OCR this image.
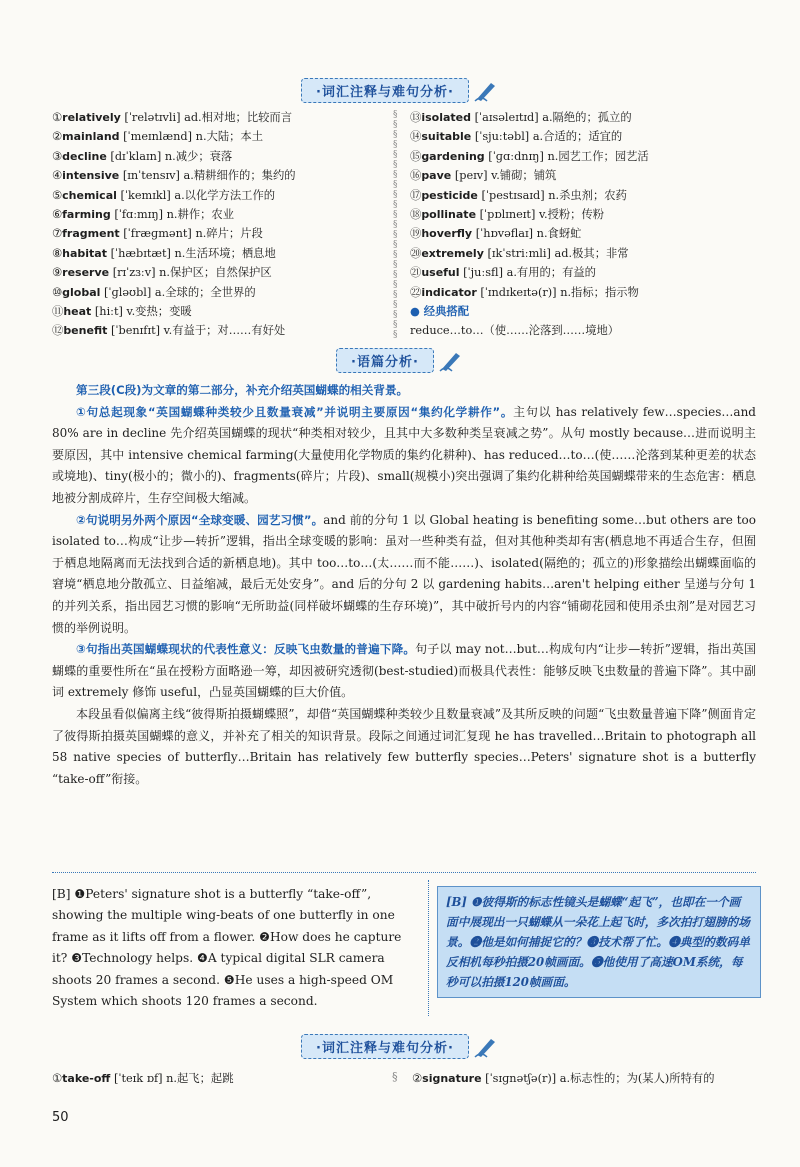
·词汇注释与难句分析·
①relatively [ˈrelətɪvli] ad.相对地；比较而言
②mainland [ˈmeɪnlænd] n.大陆；本土
③decline [dɪˈklaɪn] n.减少；衰落
④intensive [ɪnˈtensɪv] a.精耕细作的；集约的
⑤chemical [ˈkemɪkl] a.以化学方法工作的
⑥farming [ˈfɑːmɪŋ] n.耕作；农业
⑦fragment [ˈfræɡmənt] n.碎片；片段
⑧habitat [ˈhæbɪtæt] n.生活环境；栖息地
⑨reserve [rɪˈzɜːv] n.保护区；自然保护区
⑩global [ˈɡləʊbl] a.全球的；全世界的
⑪heat [hiːt] v.变热；变暖
⑫benefit [ˈbenɪfɪt] v.有益于；对……有好处
§
§
§
§
§
§
§
§
§
§
§
§
§
§
§
§
§
§
§
§
§
§
§
⑬isolated [ˈaɪsəleɪtɪd] a.隔绝的；孤立的
⑭suitable [ˈsjuːtəbl] a.合适的；适宜的
⑮gardening [ˈɡɑːdnɪŋ] n.园艺工作；园艺活
⑯pave [peɪv] v.铺砌；铺筑
⑰pesticide [ˈpestɪsaɪd] n.杀虫剂；农药
⑱pollinate [ˈpɒlɪneɪt] v.授粉；传粉
⑲hoverfly [ˈhɒvəflaɪ] n.食蚜虻
⑳extremely [ɪkˈstriːmli] ad.极其；非常
㉑useful [ˈjuːsfl] a.有用的；有益的
㉒indicator [ˈɪndɪkeɪtə(r)] n.指标；指示物
● 经典搭配
reduce…to…（使……沦落到……境地）
·语篇分析·

第三段(C段)为文章的第二部分，补充介绍英国蝴蝶的相关背景。

①句总起现象“英国蝴蝶种类较少且数量衰减”并说明主要原因“集约化学耕作”。主句以 has relatively few…species…and 80% are in decline 先介绍英国蝴蝶的现状“种类相对较少，且其中大多数种类呈衰减之势”。从句 mostly because…进而说明主要原因，其中 intensive chemical farming(大量使用化学物质的集约化耕种)、has reduced…to…(使……沦落到某种更差的状态或境地)、tiny(极小的；微小的)、fragments(碎片；片段)、small(规模小)突出强调了集约化耕种给英国蝴蝶带来的生态危害：栖息地被分割成碎片，生存空间极大缩减。

②句说明另外两个原因“全球变暖、园艺习惯”。and 前的分句 1 以 Global heating is benefiting some…but others are too isolated to…构成“让步—转折”逻辑，指出全球变暖的影响：虽对一些种类有益，但对其他种类却有害(栖息地不再适合生存，但囿于栖息地隔离而无法找到合适的新栖息地)。其中 too…to…(太……而不能……)、isolated(隔绝的；孤立的)形象描绘出蝴蝶面临的窘境“栖息地分散孤立、日益缩减，最后无处安身”。and 后的分句 2 以 gardening habits…aren't helping either 呈递与分句 1 的并列关系，指出园艺习惯的影响“无所助益(同样破坏蝴蝶的生存环境)”，其中破折号内的内容“铺砌花园和使用杀虫剂”是对园艺习惯的举例说明。

③句指出英国蝴蝶现状的代表性意义：反映飞虫数量的普遍下降。句子以 may not…but…构成句内“让步—转折”逻辑，指出英国蝴蝶的重要性所在“虽在授粉方面略逊一筹，却因被研究透彻(best-studied)而极具代表性：能够反映飞虫数量的普遍下降”。其中副词 extremely 修饰 useful，凸显英国蝴蝶的巨大价值。

本段虽看似偏离主线“彼得斯拍摄蝴蝶照”，却借“英国蝴蝶种类较少且数量衰减”及其所反映的问题“飞虫数量普遍下降”侧面肯定了彼得斯拍摄英国蝴蝶的意义，并补充了相关的知识背景。段际之间通过词汇复现 he has travelled…Britain to photograph all 58 native species of butterfly…Britain has relatively few butterfly species…Peters' signature shot is a butterfly “take-off”衔接。

[B] ❶Peters' signature shot is a butterfly “take-off”, showing the multiple wing-beats of one butterfly in one frame as it lifts off from a flower. ❷How does he capture it? ❸Technology helps. ❹A typical digital SLR camera shoots 20 frames a second. ❺He uses a high-speed OM System which shoots 120 frames a second.
[B] ❶彼得斯的标志性镜头是蝴蝶“起飞”，也即在一个画面中展现出一只蝴蝶从一朵花上起飞时，多次拍打翅膀的场景。❷他是如何捕捉它的？❸技术帮了忙。❹典型的数码单反相机每秒拍摄20帧画面。❺他使用了高速OM系统，每秒可以拍摄120帧画面。
·词汇注释与难句分析·
①take-off [ˈteɪk ɒf] n.起飞；起跳	§ ②signature [ˈsɪɡnətʃə(r)] a.标志性的；为(某人)所特有的
50
